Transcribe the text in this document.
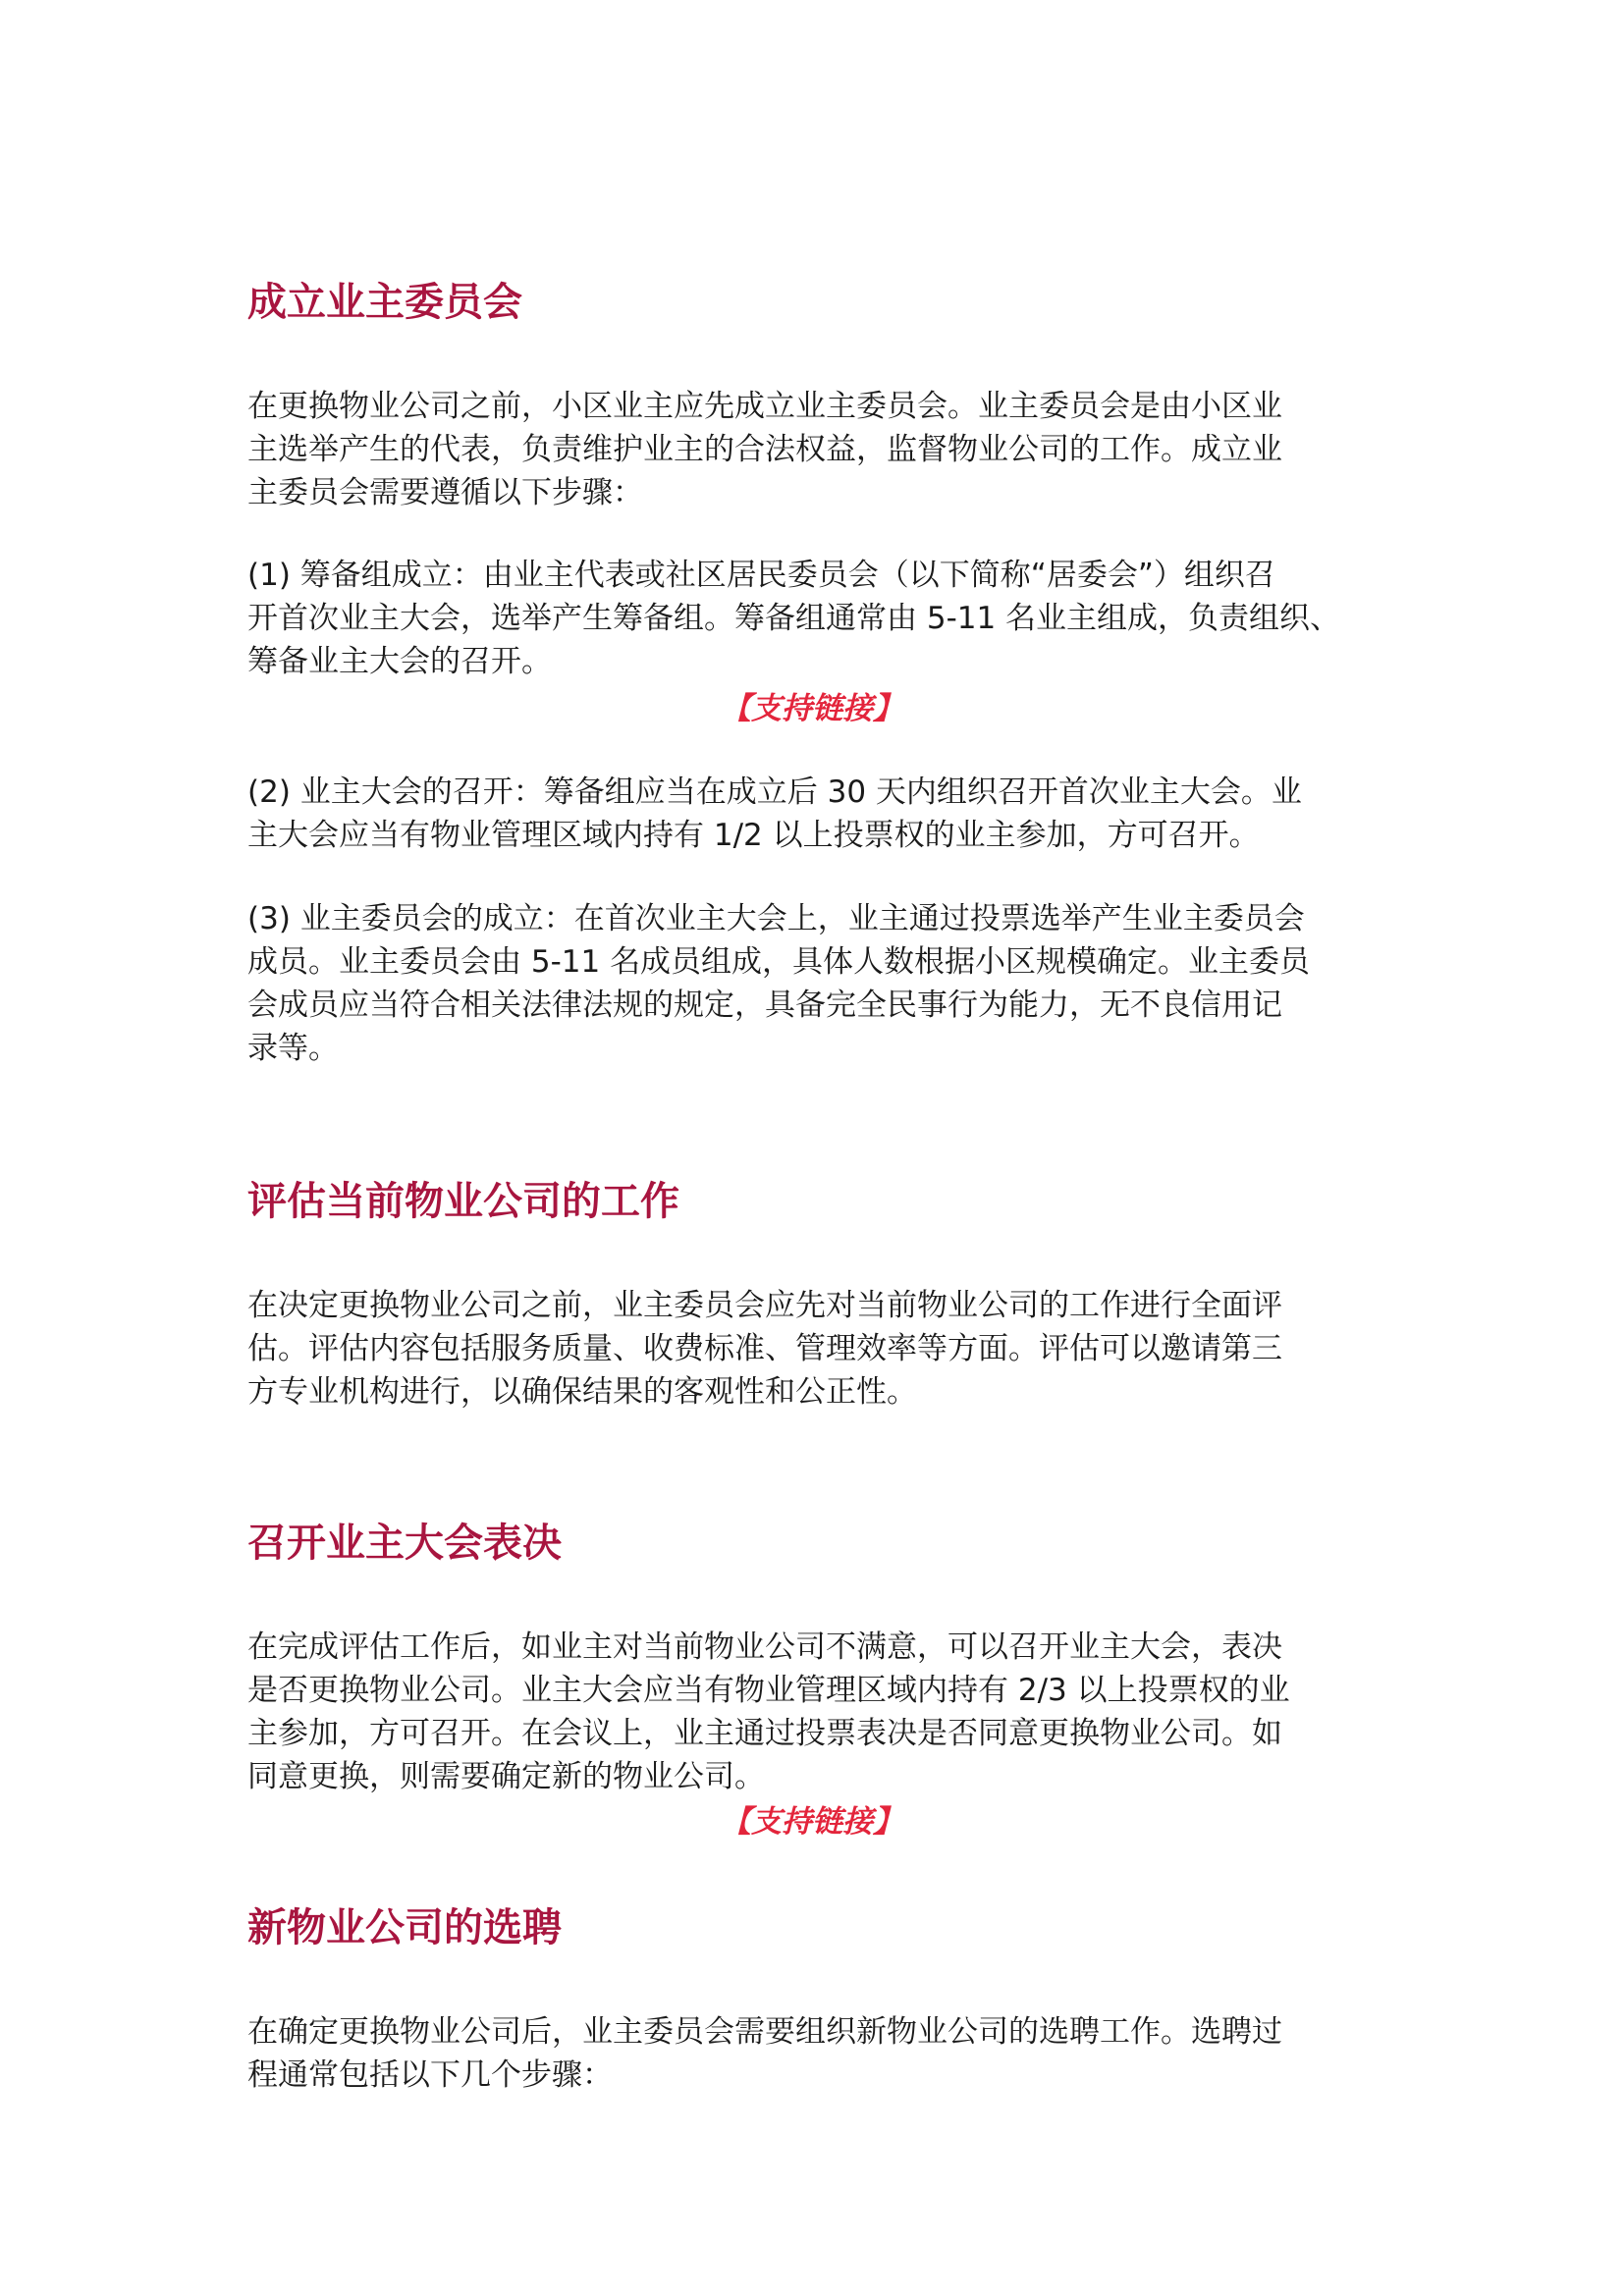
成立业主委员会
在更换物业公司之前，小区业主应先成立业主委员会。业主委员会是由小区业
主选举产生的代表，负责维护业主的合法权益，监督物业公司的工作。成立业
主委员会需要遵循以下步骤：
(1) 筹备组成立：由业主代表或社区居民委员会（以下简称“居委会”）组织召
开首次业主大会，选举产生筹备组。筹备组通常由 5-11 名业主组成，负责组织、
筹备业主大会的召开。
【支持链接】
(2) 业主大会的召开：筹备组应当在成立后 30 天内组织召开首次业主大会。业
主大会应当有物业管理区域内持有 1/2 以上投票权的业主参加，方可召开。
(3) 业主委员会的成立：在首次业主大会上，业主通过投票选举产生业主委员会
成员。业主委员会由 5-11 名成员组成，具体人数根据小区规模确定。业主委员
会成员应当符合相关法律法规的规定，具备完全民事行为能力，无不良信用记
录等。
评估当前物业公司的工作
在决定更换物业公司之前，业主委员会应先对当前物业公司的工作进行全面评
估。评估内容包括服务质量、收费标准、管理效率等方面。评估可以邀请第三
方专业机构进行，以确保结果的客观性和公正性。
召开业主大会表决
在完成评估工作后，如业主对当前物业公司不满意，可以召开业主大会，表决
是否更换物业公司。业主大会应当有物业管理区域内持有 2/3 以上投票权的业
主参加，方可召开。在会议上，业主通过投票表决是否同意更换物业公司。如
同意更换，则需要确定新的物业公司。
【支持链接】
新物业公司的选聘
在确定更换物业公司后，业主委员会需要组织新物业公司的选聘工作。选聘过
程通常包括以下几个步骤：
